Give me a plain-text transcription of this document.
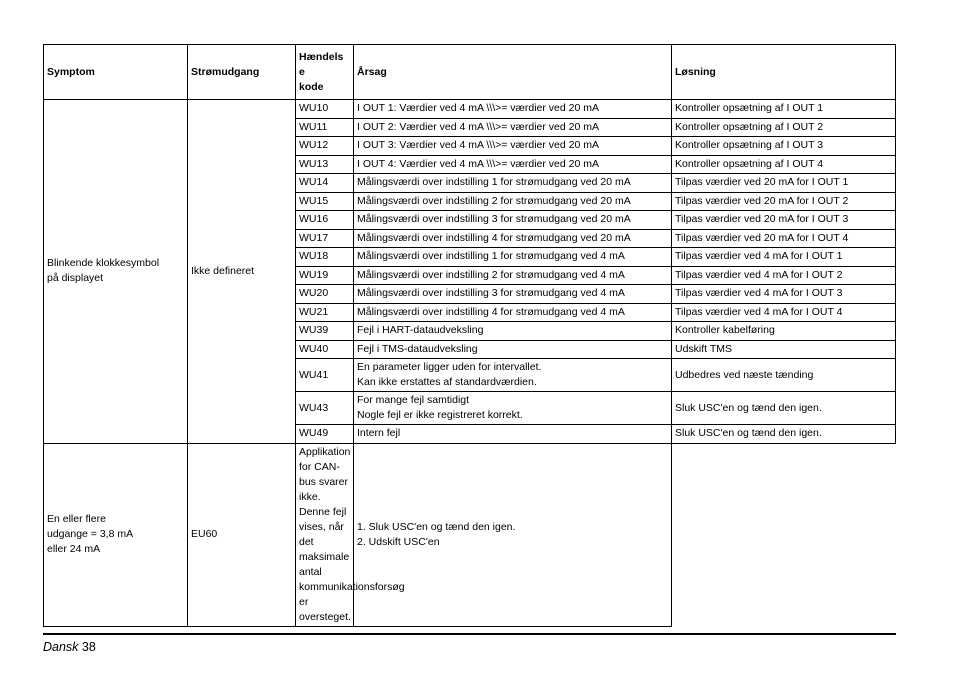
Symptom	Strømudgang	Hændels
e
kode	Årsag	Løsning

Blinkende klokkesymbol
på displayet	Ikke defineret	WU10	I OUT 1: Værdier ved 4 mA \\\>= værdier ved 20 mA	Kontroller opsætning af I OUT 1
		WU11	I OUT 2: Værdier ved 4 mA \\\>= værdier ved 20 mA	Kontroller opsætning af I OUT 2
		WU12	I OUT 3: Værdier ved 4 mA \\\>= værdier ved 20 mA	Kontroller opsætning af I OUT 3
		WU13	I OUT 4: Værdier ved 4 mA \\\>= værdier ved 20 mA	Kontroller opsætning af I OUT 4
		WU14	Målingsværdi over indstilling 1 for strømudgang ved 20 mA	Tilpas værdier ved 20 mA for I OUT 1
		WU15	Målingsværdi over indstilling 2 for strømudgang ved 20 mA	Tilpas værdier ved 20 mA for I OUT 2
		WU16	Målingsværdi over indstilling 3 for strømudgang ved 20 mA	Tilpas værdier ved 20 mA for I OUT 3
		WU17	Målingsværdi over indstilling 4 for strømudgang ved 20 mA	Tilpas værdier ved 20 mA for I OUT 4
		WU18	Målingsværdi over indstilling 1 for strømudgang ved 4 mA	Tilpas værdier ved 4 mA for I OUT 1
		WU19	Målingsværdi over indstilling 2 for strømudgang ved 4 mA	Tilpas værdier ved 4 mA for I OUT 2
		WU20	Målingsværdi over indstilling 3 for strømudgang ved 4 mA	Tilpas værdier ved 4 mA for I OUT 3
		WU21	Målingsværdi over indstilling 4 for strømudgang ved 4 mA	Tilpas værdier ved 4 mA for I OUT 4
		WU39	Fejl i HART-dataudveksling	Kontroller kabelføring
		WU40	Fejl i TMS-dataudveksling	Udskift TMS
		WU41	En parameter ligger uden for intervallet.
Kan ikke erstattes af standardværdien.	Udbedres ved næste tænding
		WU43	For mange fejl samtidigt
Nogle fejl er ikke registreret korrekt.	Sluk USC'en og tænd den igen.
		WU49	Intern fejl	Sluk USC'en og tænd den igen.

En eller flere
udgange = 3,8 mA
eller 24 mA	EU60	Applikation for CAN-bus svarer ikke.
Denne fejl vises, når det maksimale antal
kommunikationsforsøg er oversteget.	1. Sluk USC'en og tænd den igen.
2. Udskift USC'en	
Dansk 38
